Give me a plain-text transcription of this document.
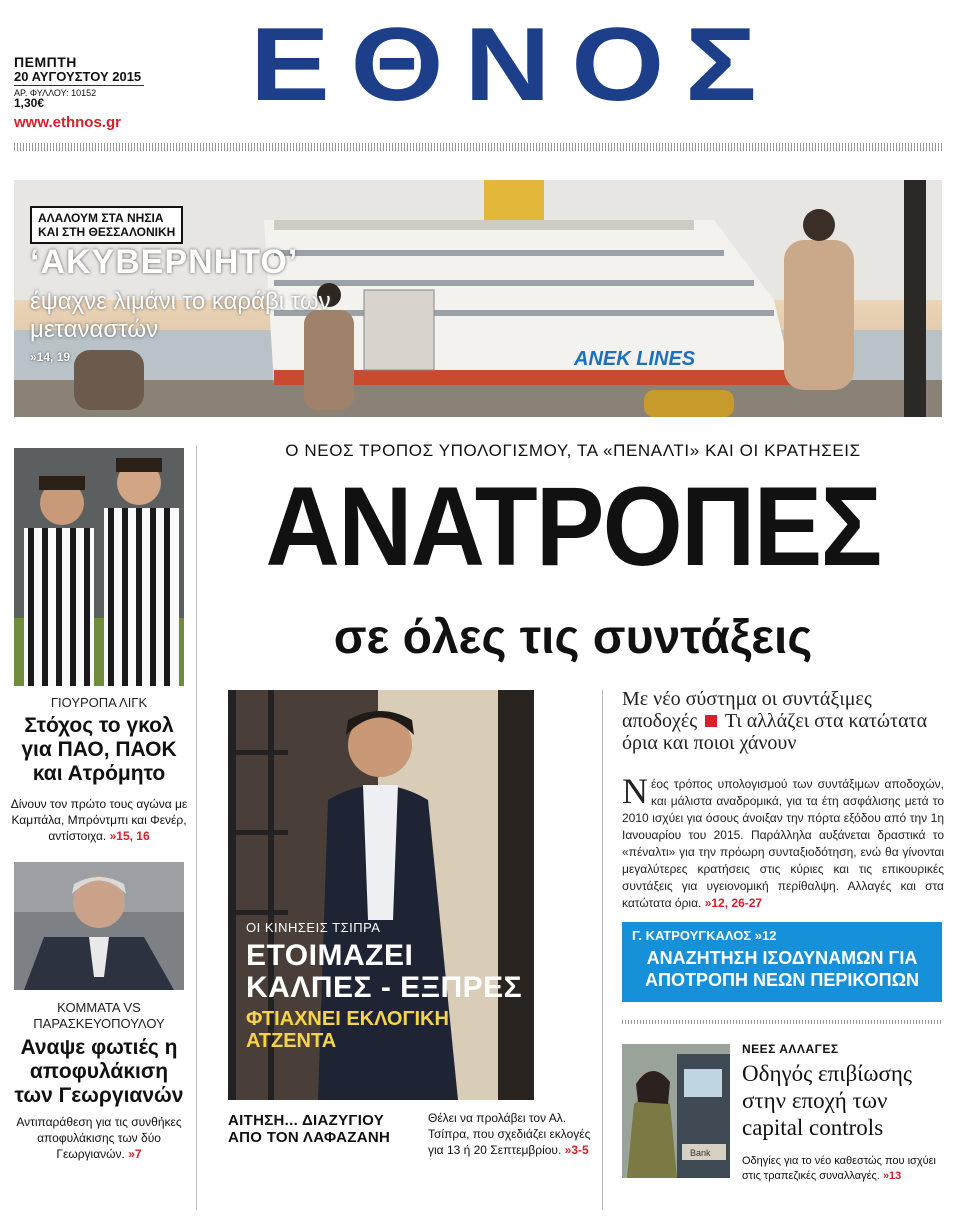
ΠΕΜΠΤΗ
20 ΑΥΓΟΥΣΤΟΥ 2015
ΑΡ. ΦΥΛΛΟΥ: 10152
1,30€
www.ethnos.gr ΕΘΝΟΣ
ANEK LINES
ΑΛΑΛΟΥΜ ΣΤΑ ΝΗΣΙΑ
ΚΑΙ ΣΤΗ ΘΕΣΣΑΛΟΝΙΚΗ
‘ΑΚΥΒΕΡΝΗΤΟ’
έψαχνε λιμάνι το καράβι των μεταναστών
»14, 19
ΓΙΟΥΡΟΠΑ ΛΙΓΚ
Στόχος το γκολ για ΠΑΟ, ΠΑΟΚ και Ατρόμητο
Δίνουν τον πρώτο τους αγώνα με Καμπάλα, Μπρόντμπι και Φενέρ, αντίστοιχα. »15, 16
ΚΟΜΜΑΤΑ VS ΠΑΡΑΣΚΕΥΟΠΟΥΛΟΥ
Αναψε φωτιές η απoφυλάκιση των Γεωργιανών
Αντιπαράθεση για τις συνθήκες αποφυλάκισης των δύο Γεωργιανών. »7
Ο ΝΕΟΣ ΤΡΟΠΟΣ ΥΠΟΛΟΓΙΣΜΟΥ, ΤΑ «ΠΕΝΑΛΤΙ» ΚΑΙ ΟΙ ΚΡΑΤΗΣΕΙΣ
ΑΝΑΤΡΟΠΕΣ
σε όλες τις συντάξεις
ΟΙ ΚΙΝΗΣΕΙΣ ΤΣΙΠΡΑ
ΕΤΟΙΜΑΖΕΙ ΚΑΛΠΕΣ - ΕΞΠΡΕΣ
ΦΤΙΑΧΝΕΙ ΕΚΛΟΓΙΚΗ ΑΤΖΕΝΤΑ
ΑΙΤΗΣΗ... ΔΙΑΖΥΓΙΟΥ ΑΠΟ ΤΟΝ ΛΑΦΑΖΑΝΗ
Θέλει να προλάβει τον Αλ. Τσίπρα, που σχεδιάζει εκλογές για 13 ή 20 Σεπτεμβρίου. »3-5
Με νέο σύστημα οι συντάξιμες αποδοχές Τι αλλάζει στα κατώτατα όρια και ποιοι χάνουν
Ν έος τρόπος υπολογισμού των συντάξιμων αποδοχών, και μάλιστα αναδρομικά, για τα έτη ασφάλισης μετά το 2010 ισχύει για όσους άνοιξαν την πόρτα εξόδου από την 1η Ιανουαρίου του 2015. Παράλληλα αυξάνεται δραστικά το «πέναλτι» για την πρόωρη συνταξιοδότηση, ενώ θα γίνονται μεγαλύτερες κρατήσεις στις κύριες και τις επικουρικές συντάξεις για υγειονομική περίθαλψη. Αλλαγές και στα κατώτατα όρια. »12, 26-27
Γ. ΚΑΤΡΟΥΓΚΑΛΟΣ »12
ΑΝΑΖΗΤΗΣΗ ΙΣΟΔΥΝΑΜΩΝ ΓΙΑ ΑΠΟΤΡΟΠΗ ΝΕΩΝ ΠΕΡΙΚΟΠΩΝ
Bank
ΝΕΕΣ ΑΛΛΑΓΕΣ
Οδηγός επιβίωσης στην εποχή των capital controls
Οδηγίες για το νέο καθεστώς που ισχύει στις τραπεζικές συναλλαγές. »13
